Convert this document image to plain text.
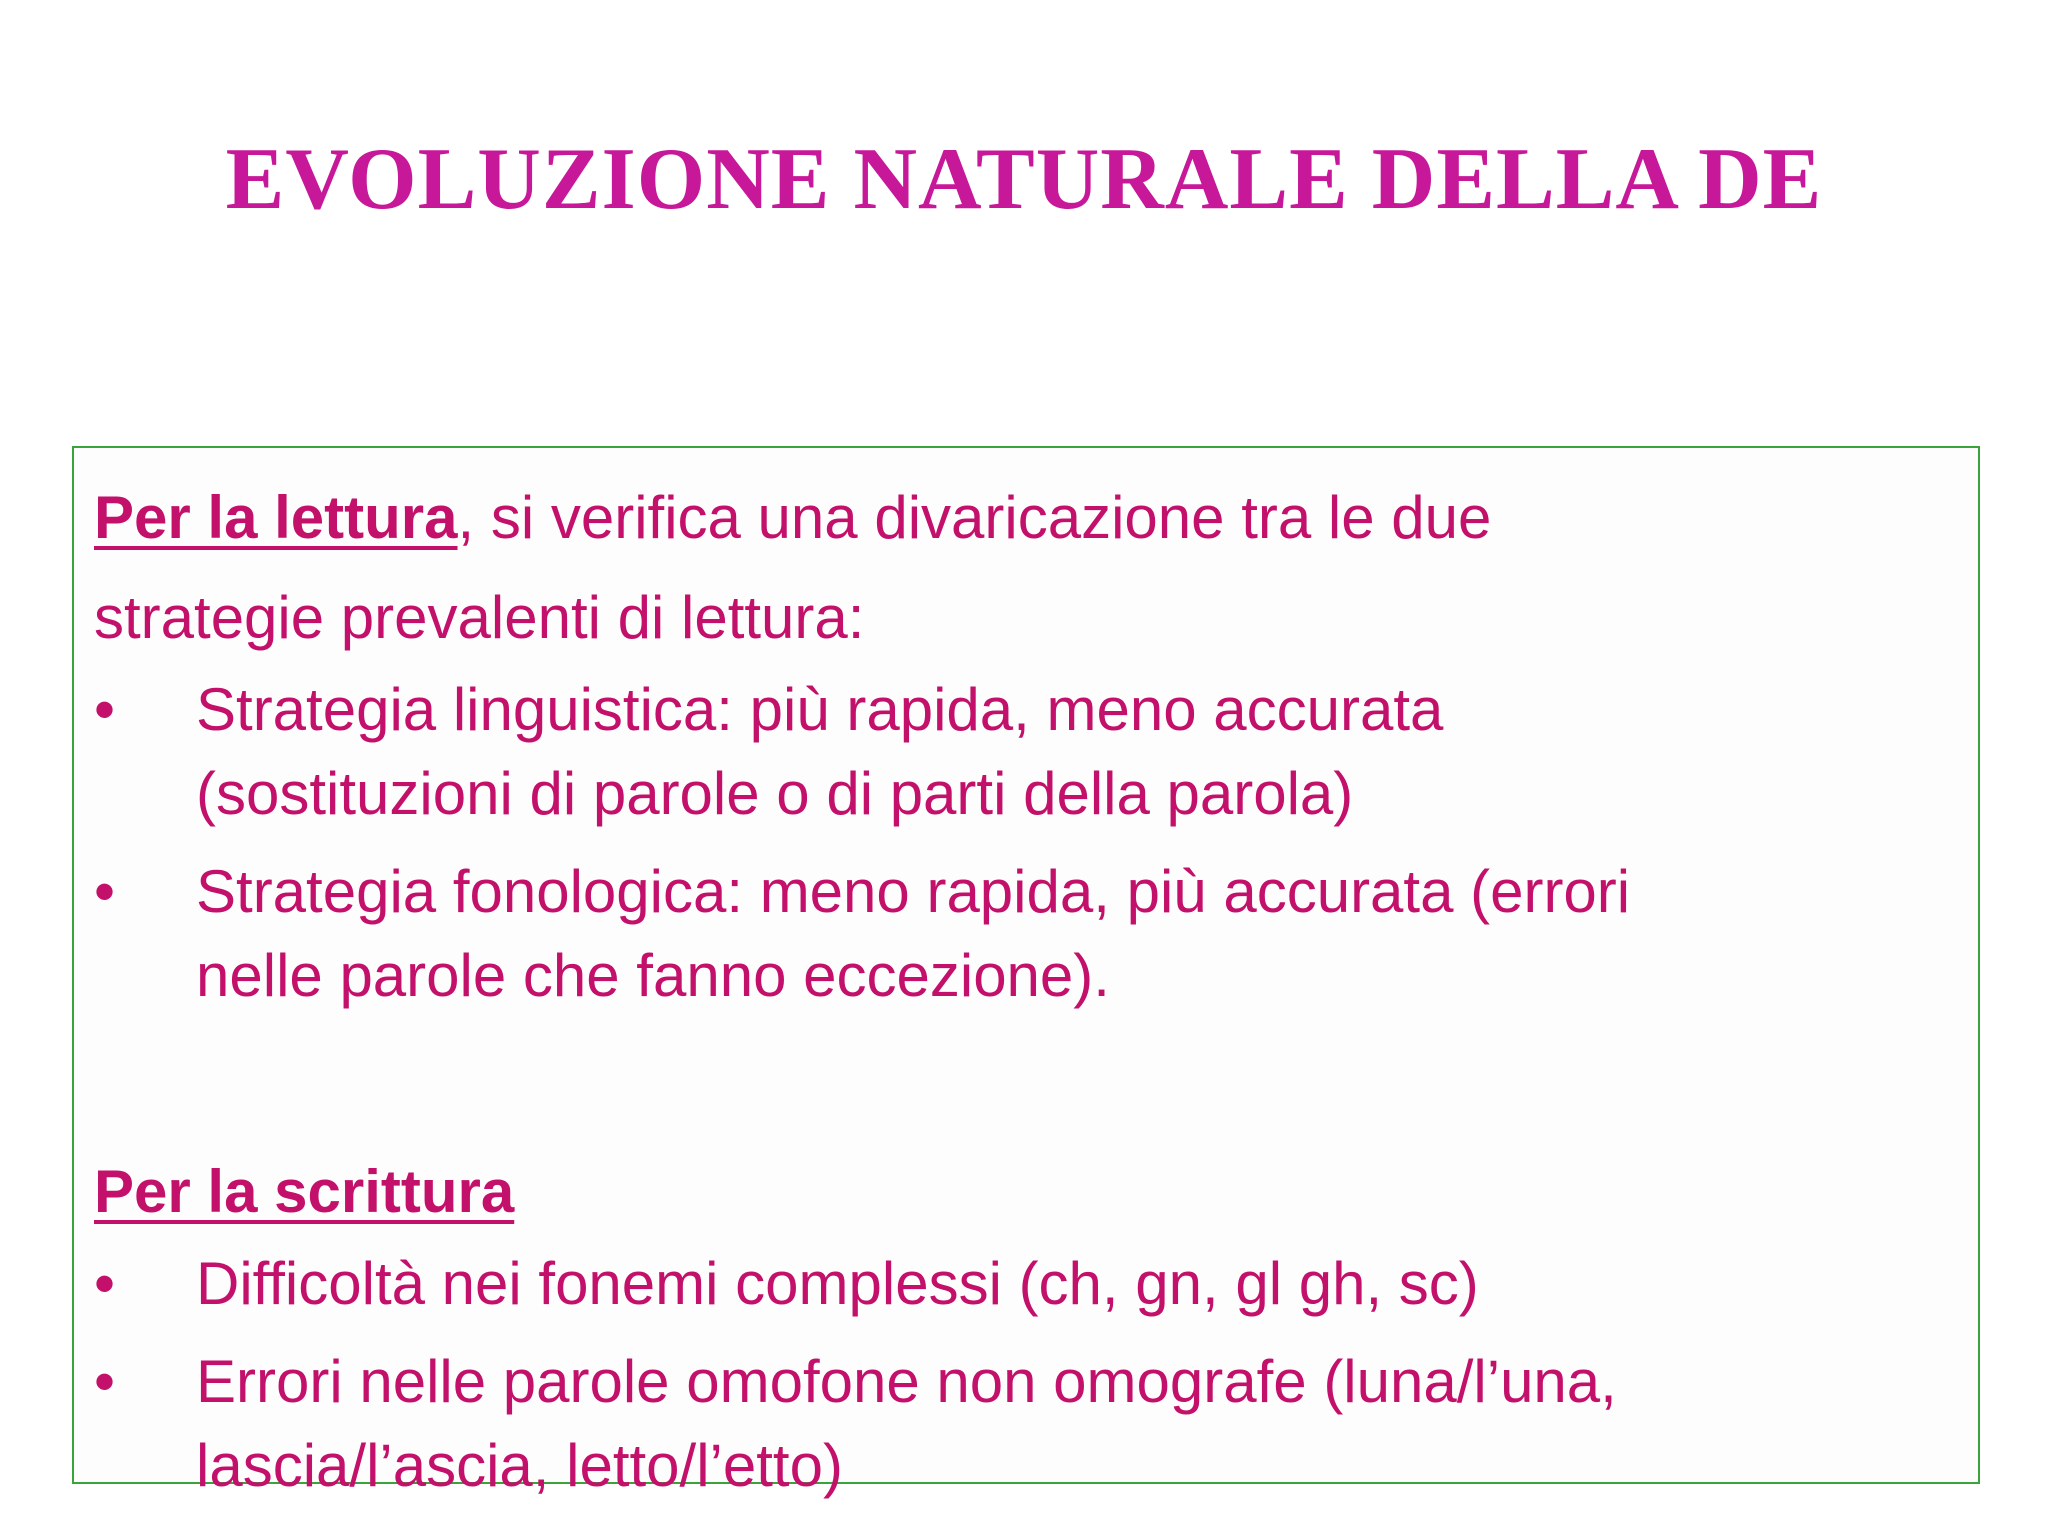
EVOLUZIONE NATURALE DELLA DE

Per la lettura, si verifica una divaricazione tra le due

strategie prevalenti di lettura:

•	Strategia linguistica: più rapida, meno accurata
(sostituzioni di parole o di parti della parola)
•	Strategia fonologica: meno rapida, più accurata (errori
nelle parole che fanno eccezione).

Per la scrittura

•	Difficoltà nei fonemi complessi (ch, gn, gl gh, sc)
•	Errori nelle parole omofone non omografe (luna/l’una,
lascia/l’ascia, letto/l’etto)
